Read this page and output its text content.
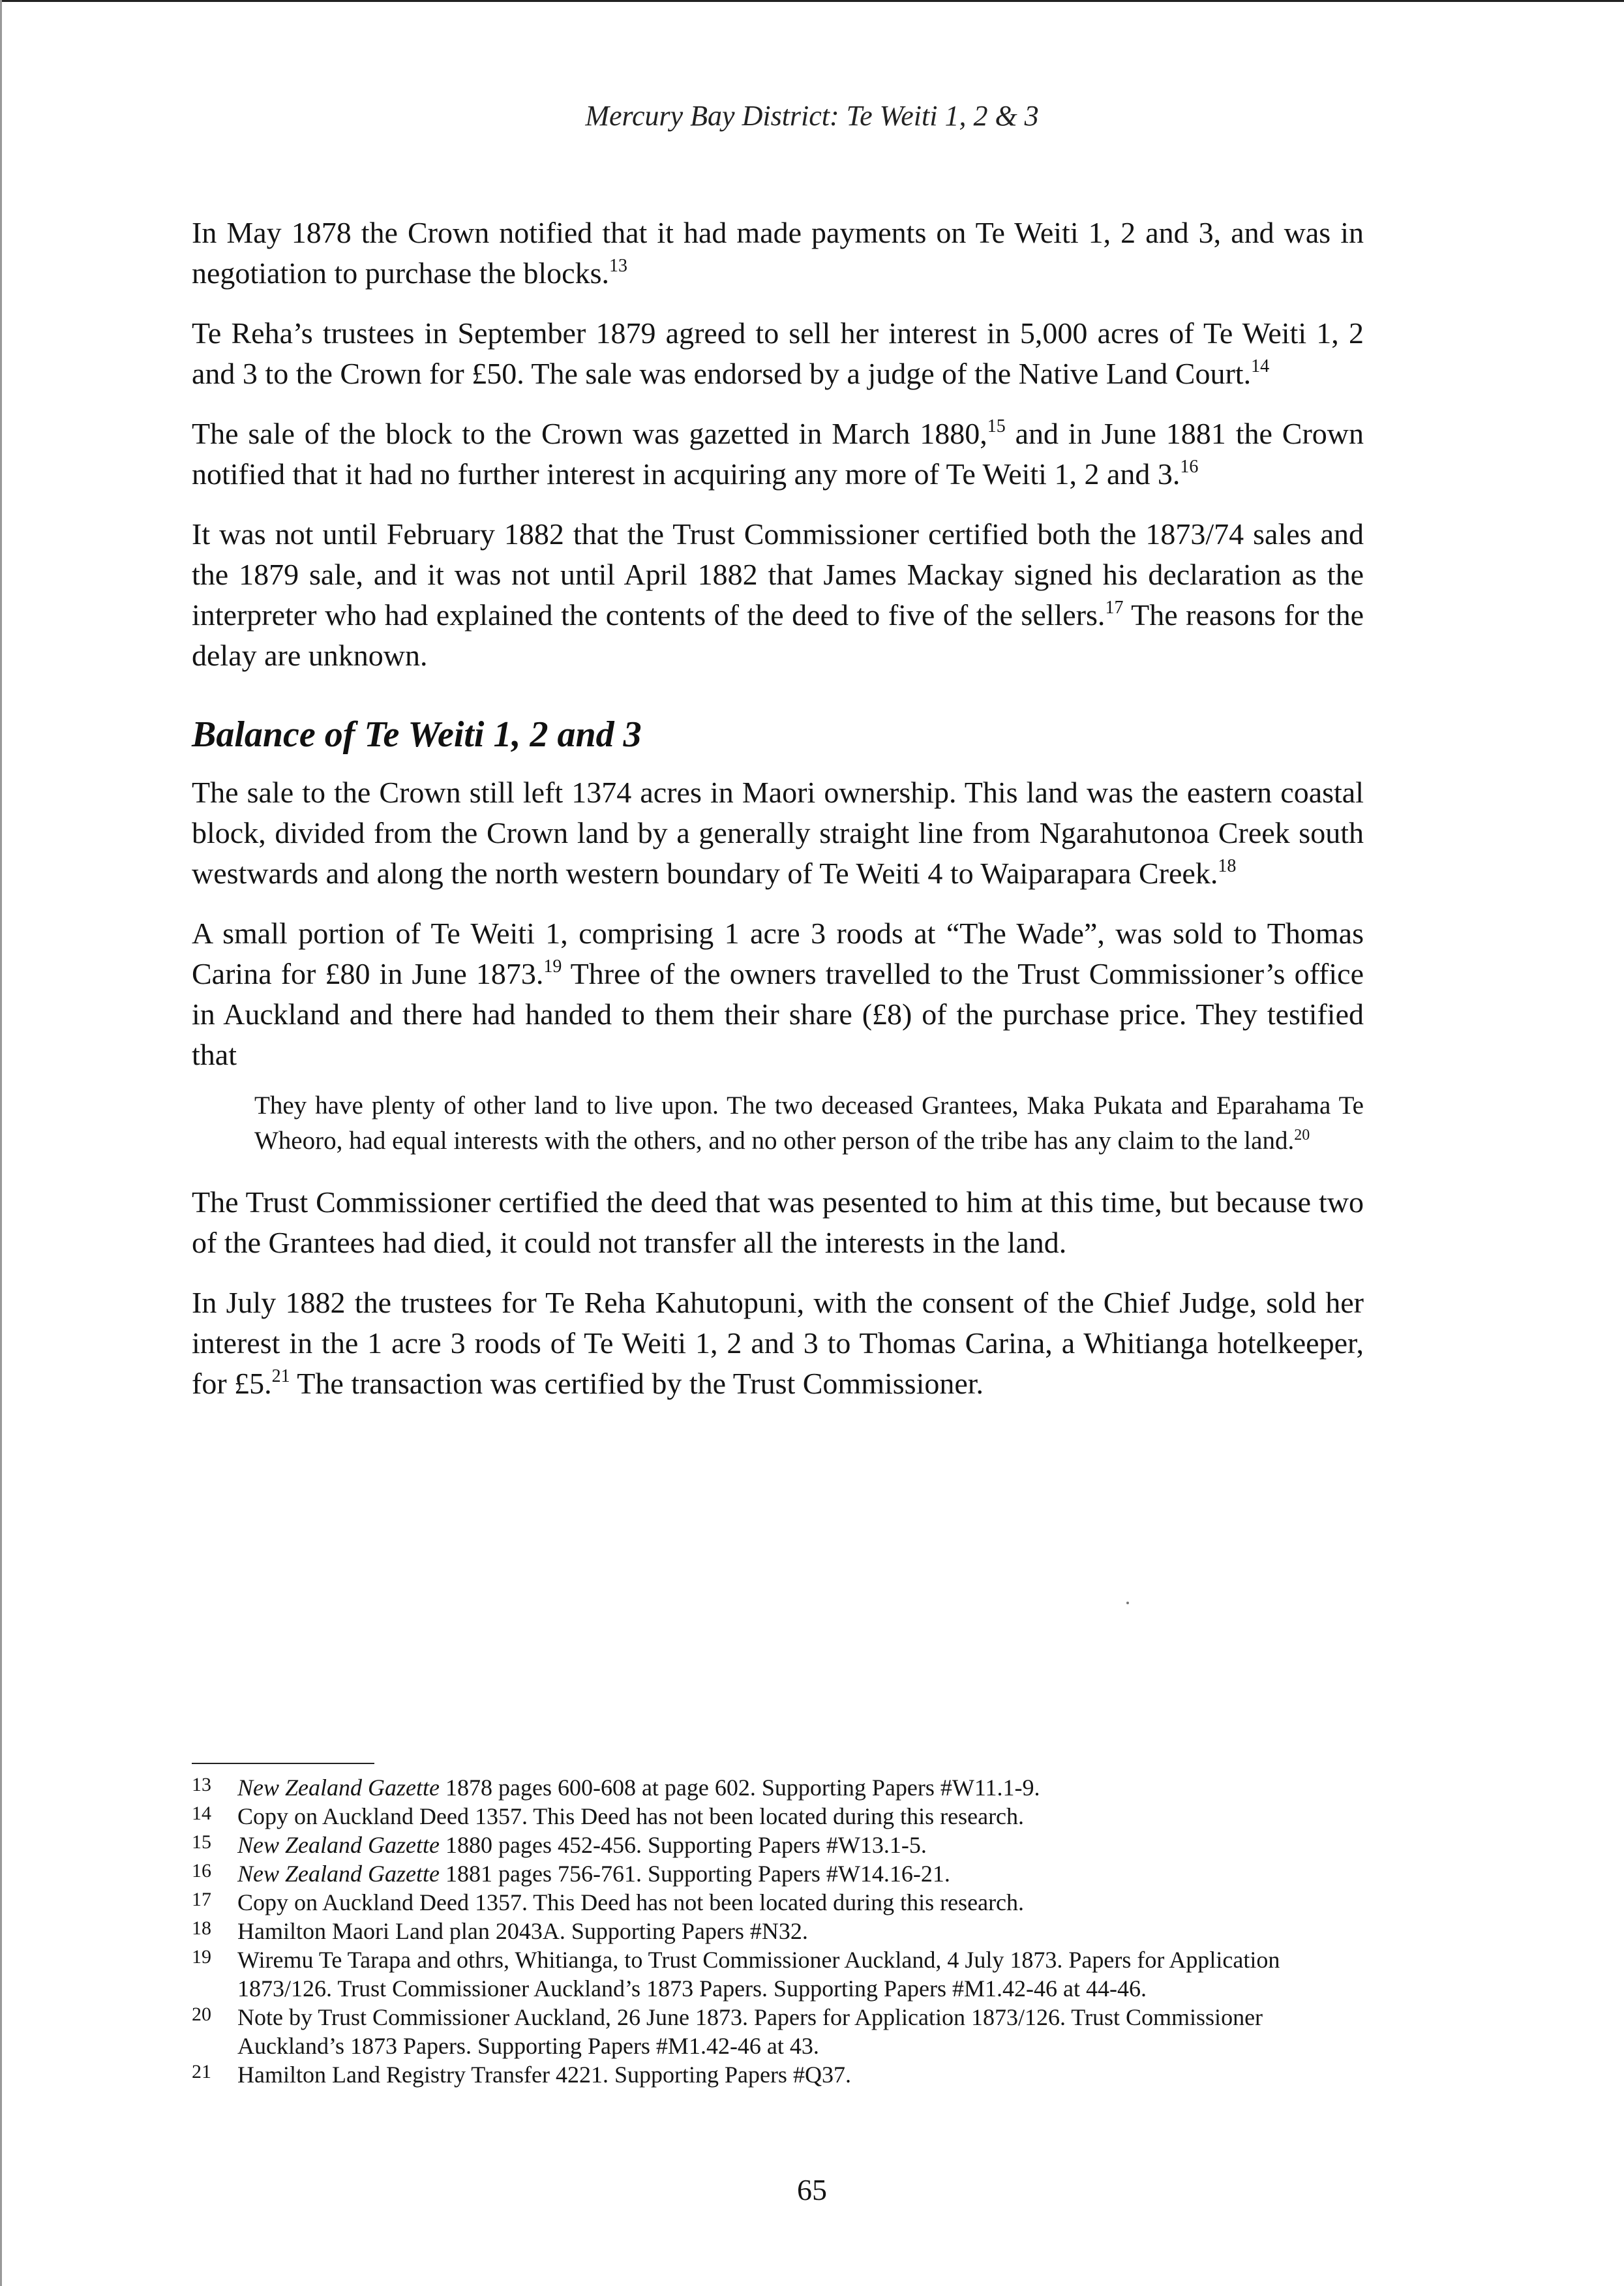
Mercury Bay District: Te Weiti 1, 2 & 3

In May 1878 the Crown notified that it had made payments on Te Weiti 1, 2 and 3, and was in negotiation to purchase the blocks.$^{13}$

Te Reha’s trustees in September 1879 agreed to sell her interest in 5,000 acres of Te Weiti 1, 2 and 3 to the Crown for £50. The sale was endorsed by a judge of the Native Land Court.$^{14}$

The sale of the block to the Crown was gazetted in March 1880,15 and in June 1881 the Crown notified that it had no further interest in acquiring any more of Te Weiti 1, 2 and 3.16

It was not until February 1882 that the Trust Commissioner certified both the 1873/74 sales and the 1879 sale, and it was not until April 1882 that James Mackay signed his declaration as the interpreter who had explained the contents of the deed to five of the sellers.$^{17}$ The reasons for the delay are unknown.

Balance of Te Weiti 1, 2 and 3

The sale to the Crown still left 1374 acres in Maori ownership. This land was the eastern coastal block, divided from the Crown land by a generally straight line from Ngarahutonoa Creek south westwards and along the north western boundary of Te Weiti 4 to Waiparapara Creek.$^{18}$

A small portion of Te Weiti 1, comprising 1 acre 3 roods at “The Wade”, was sold to Thomas Carina for £80 in June 1873.19 Three of the owners travelled to the Trust Commissioner’s office in Auckland and there had handed to them their share (£8) of the purchase price. They testified that

They have plenty of other land to live upon. The two deceased Grantees, Maka Pukata and Eparahama Te Wheoro, had equal interests with the others, and no other person of the tribe has any claim to the land.$^{20}$

The Trust Commissioner certified the deed that was pesented to him at this time, but because two of the Grantees had died, it could not transfer all the interests in the land.

In July 1882 the trustees for Te Reha Kahutopuni, with the consent of the Chief Judge, sold her interest in the 1 acre 3 roods of Te Weiti 1, 2 and 3 to Thomas Carina, a Whitianga hotelkeeper, for £5.21 The transaction was certified by the Trust Commissioner.

13	New Zealand Gazette 1878 pages 600-608 at page 602. Supporting Papers #W11.1-9.
14	Copy on Auckland Deed 1357. This Deed has not been located during this research.
15	New Zealand Gazette 1880 pages 452-456. Supporting Papers #W13.1-5.
16	New Zealand Gazette 1881 pages 756-761. Supporting Papers #W14.16-21.
17	Copy on Auckland Deed 1357. This Deed has not been located during this research.
18	Hamilton Maori Land plan 2043A. Supporting Papers #N32.
19	Wiremu Te Tarapa and othrs, Whitianga, to Trust Commissioner Auckland, 4 July 1873. Papers for Application 1873/126. Trust Commissioner Auckland’s 1873 Papers. Supporting Papers #M1.42-46 at 44-46.
20	Note by Trust Commissioner Auckland, 26 June 1873. Papers for Application 1873/126. Trust Commissioner Auckland’s 1873 Papers. Supporting Papers #M1.42-46 at 43.
21	Hamilton Land Registry Transfer 4221. Supporting Papers #Q37.
65
